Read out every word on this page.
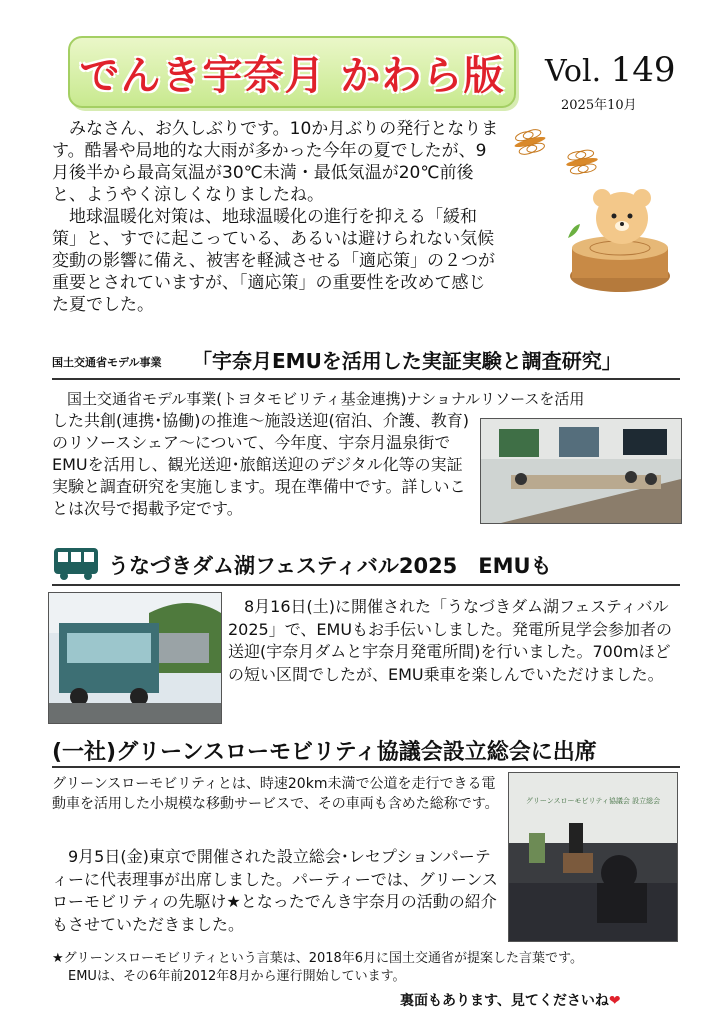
でんき宇奈月 かわら版	Vol. 149
2025年10月

みなさん、お久しぶりです。10か月ぶりの発行となります。酷暑や局地的な大雨が多かった今年の夏でしたが、9月後半から最高気温が30℃未満・最低気温が20℃前後と、ようやく涼しくなりましたね。

地球温暖化対策は、地球温暖化の進行を抑える「緩和策」と、すでに起こっている、あるいは避けられない気候変動の影響に備え、被害を軽減させる「適応策」の２つが重要とされていますが、「適応策」の重要性を改めて感じた夏でした。

国土交通省モデル事業 「宇奈月EMUを活用した実証実験と調査研究」
国土交通省モデル事業(トヨタモビリティ基金連携)ナショナルリソースを活用
した共創(連携･協働)の推進～施設送迎(宿泊、介護、教育)のリソースシェア～について、今年度、宇奈月温泉街でEMUを活用し、観光送迎･旅館送迎のデジタル化等の実証実験と調査研究を実施します。現在準備中です。詳しいことは次号で掲載予定です。
うなづきダム湖フェスティバル2025　EMUも
8月16日(土)に開催された「うなづきダム湖フェスティバル2025」で、EMUもお手伝いしました。発電所見学会参加者の送迎(宇奈月ダムと宇奈月発電所間)を行いました。700mほどの短い区間でしたが、EMU乗車を楽しんでいただけました。
(一社)グリーンスローモビリティ協議会設立総会に出席
グリーンスローモビリティとは、時速20km未満で公道を走行できる電動車を活用した小規模な移動サービスで、その車両も含めた総称です。

9月5日(金)東京で開催された設立総会･レセプションパーティーに代表理事が出席しました。パーティーでは、グリーンスローモビリティの先駆け★となったでんき宇奈月の活動の紹介もさせていただきました。

グリーンスローモビリティ協議会 設立総会
★グリーンスローモビリティという言葉は、2018年6月に国土交通省が提案した言葉です。
EMUは、その6年前2012年8月から運行開始しています。
裏面もあります、見てくださいね❤
